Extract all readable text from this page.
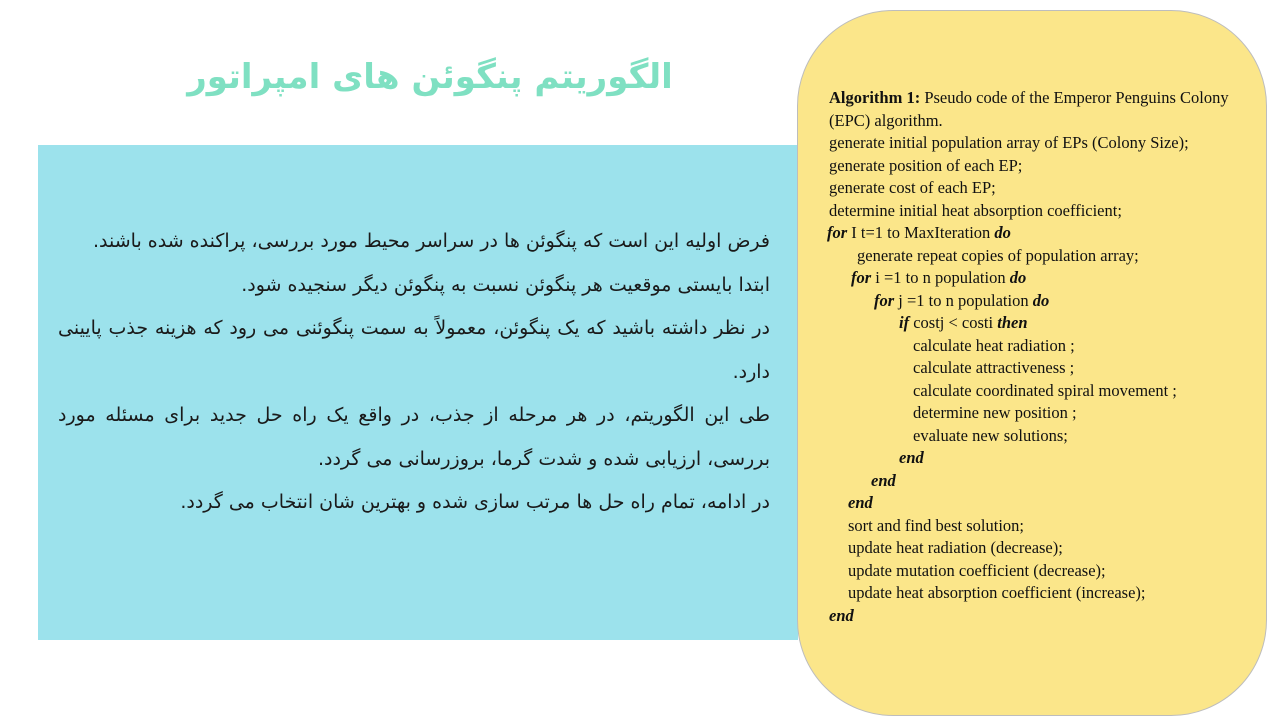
الگوریتم پنگوئن های امپراتور

فرض اولیه این است که پنگوئن ها در سراسر محیط مورد بررسی، پراکنده شده باشند.

ابتدا بایستی موقعیت هر پنگوئن نسبت به پنگوئن دیگر سنجیده شود.

در نظر داشته باشید که یک پنگوئن، معمولاً به سمت پنگوئنی می رود که هزینه جذب پایینی دارد.

طی این الگوریتم، در هر مرحله از جذب، در واقع یک راه حل جدید برای مسئله مورد بررسی، ارزیابی شده و شدت گرما، بروزرسانی می گردد.

در ادامه، تمام راه حل ها مرتب سازی شده و بهترین شان انتخاب می گردد.

Algorithm 1: Pseudo code of the Emperor Penguins Colony (EPC) algorithm.
generate initial population array of EPs (Colony Size);
generate position of each EP;
generate cost of each EP;
determine initial heat absorption coefficient;
for I t=1 to MaxIteration do
generate repeat copies of population array;
for i =1 to n population do
for j =1 to n population do
if costj < costi then
calculate heat radiation ;
calculate attractiveness ;
calculate coordinated spiral movement ;
determine new position ;
evaluate new solutions;
end
end
end
sort and find best solution;
update heat radiation (decrease);
update mutation coefficient (decrease);
update heat absorption coefficient (increase);
end
